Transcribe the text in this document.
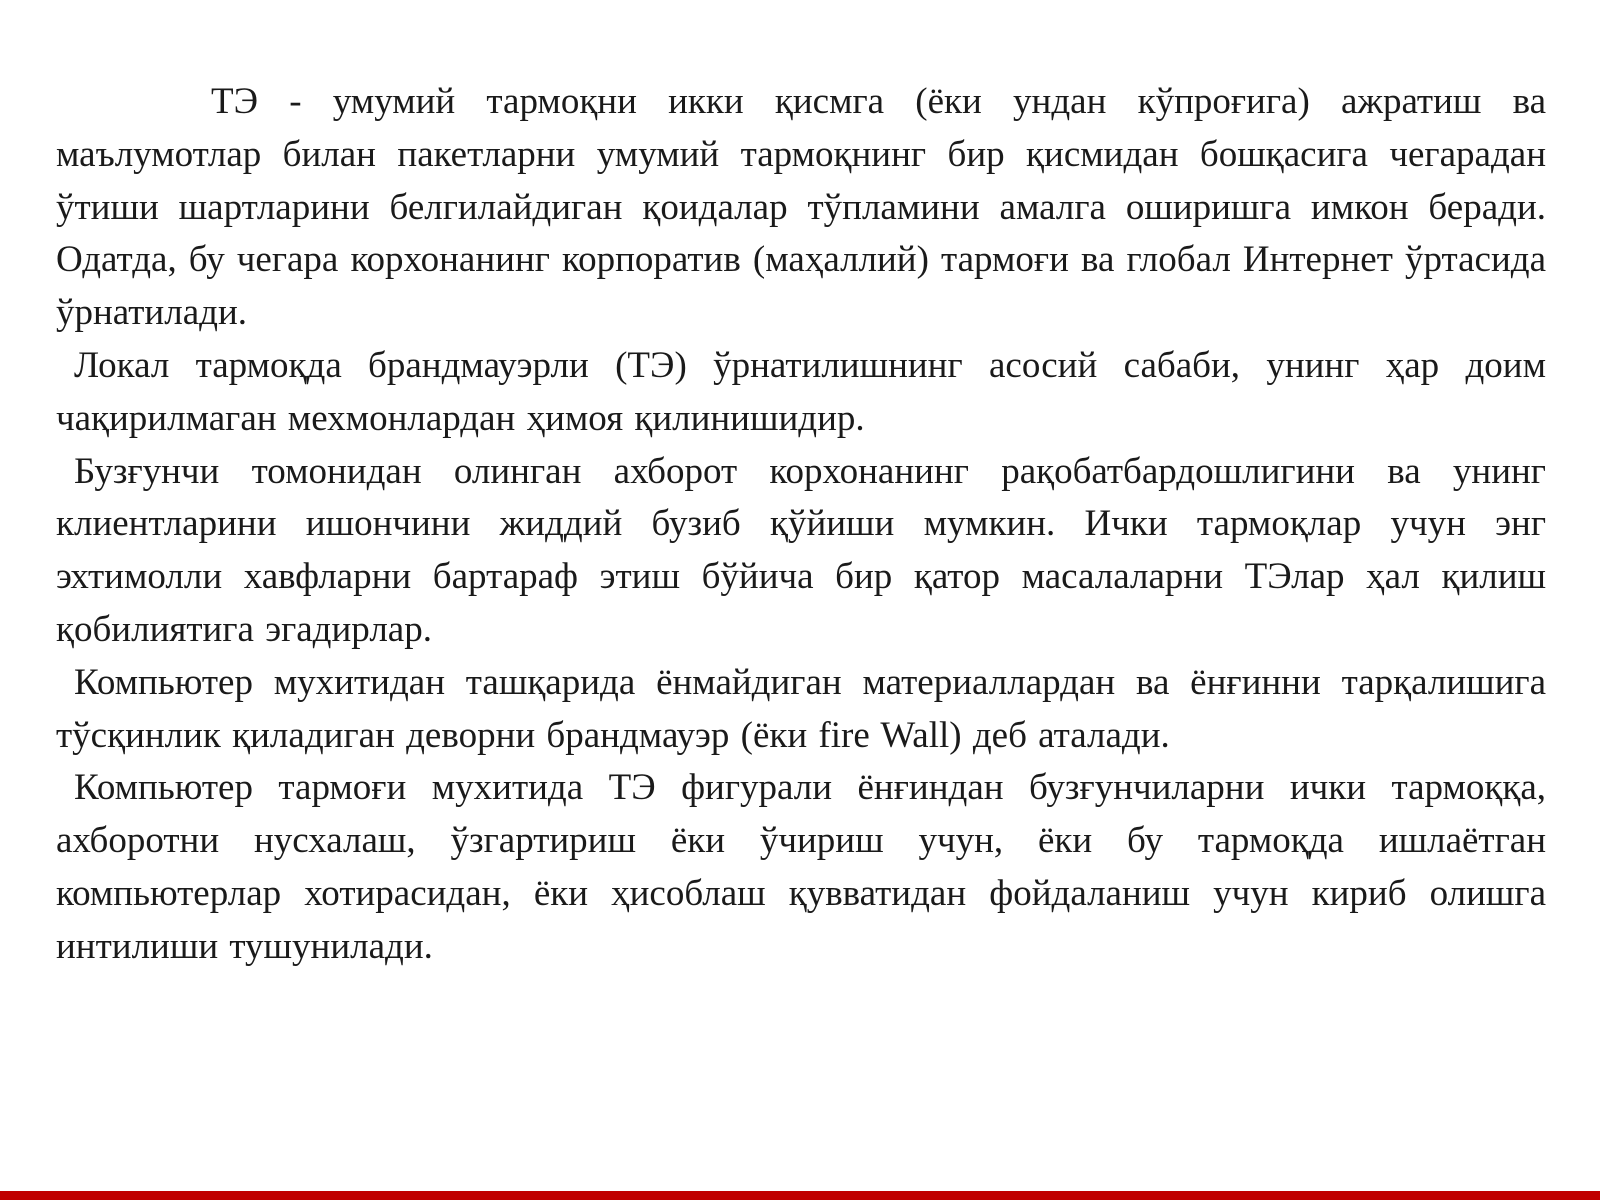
ТЭ - умумий тармоқни икки қисмга (ёки ундан кўпроғига) ажратиш ва маълумотлар билан пакетларни умумий тармоқнинг бир қисмидан бошқасига чегарадан ўтиши шартларини белгилайдиган қоидалар тўпламини амалга оширишга имкон беради. Одатда, бу чегара корхонанинг корпоратив (маҳаллий) тармоғи ва глобал Интернет ўртасида ўрнатилади.

Локал тармоқда брандмауэрли (ТЭ) ўрнатилишнинг асосий сабаби, унинг ҳар доим чақирилмаган мехмонлардан ҳимоя қилинишидир.

Бузғунчи томонидан олинган ахборот корхонанинг рақобатбардошлигини ва унинг клиентларини ишончини жиддий бузиб қўйиши мумкин. Ички тармоқлар учун энг эхтимолли хавфларни бартараф этиш бўйича бир қатор масалаларни ТЭлар ҳал қилиш қобилиятига эгадирлар.

Компьютер мухитидан ташқарида ёнмайдиган материаллардан ва ёнғинни тарқалишига тўсқинлик қиладиган деворни брандмауэр (ёки fire Wall) деб аталади.

Компьютер тармоғи мухитида ТЭ фигурали ёнғиндан бузғунчиларни ички тармоққа, ахборотни нусхалаш, ўзгартириш ёки ўчириш учун, ёки бу тармоқда ишлаётган компьютерлар хотирасидан, ёки ҳисоблаш қувватидан фойдаланиш учун кириб олишга интилиши тушунилади.
